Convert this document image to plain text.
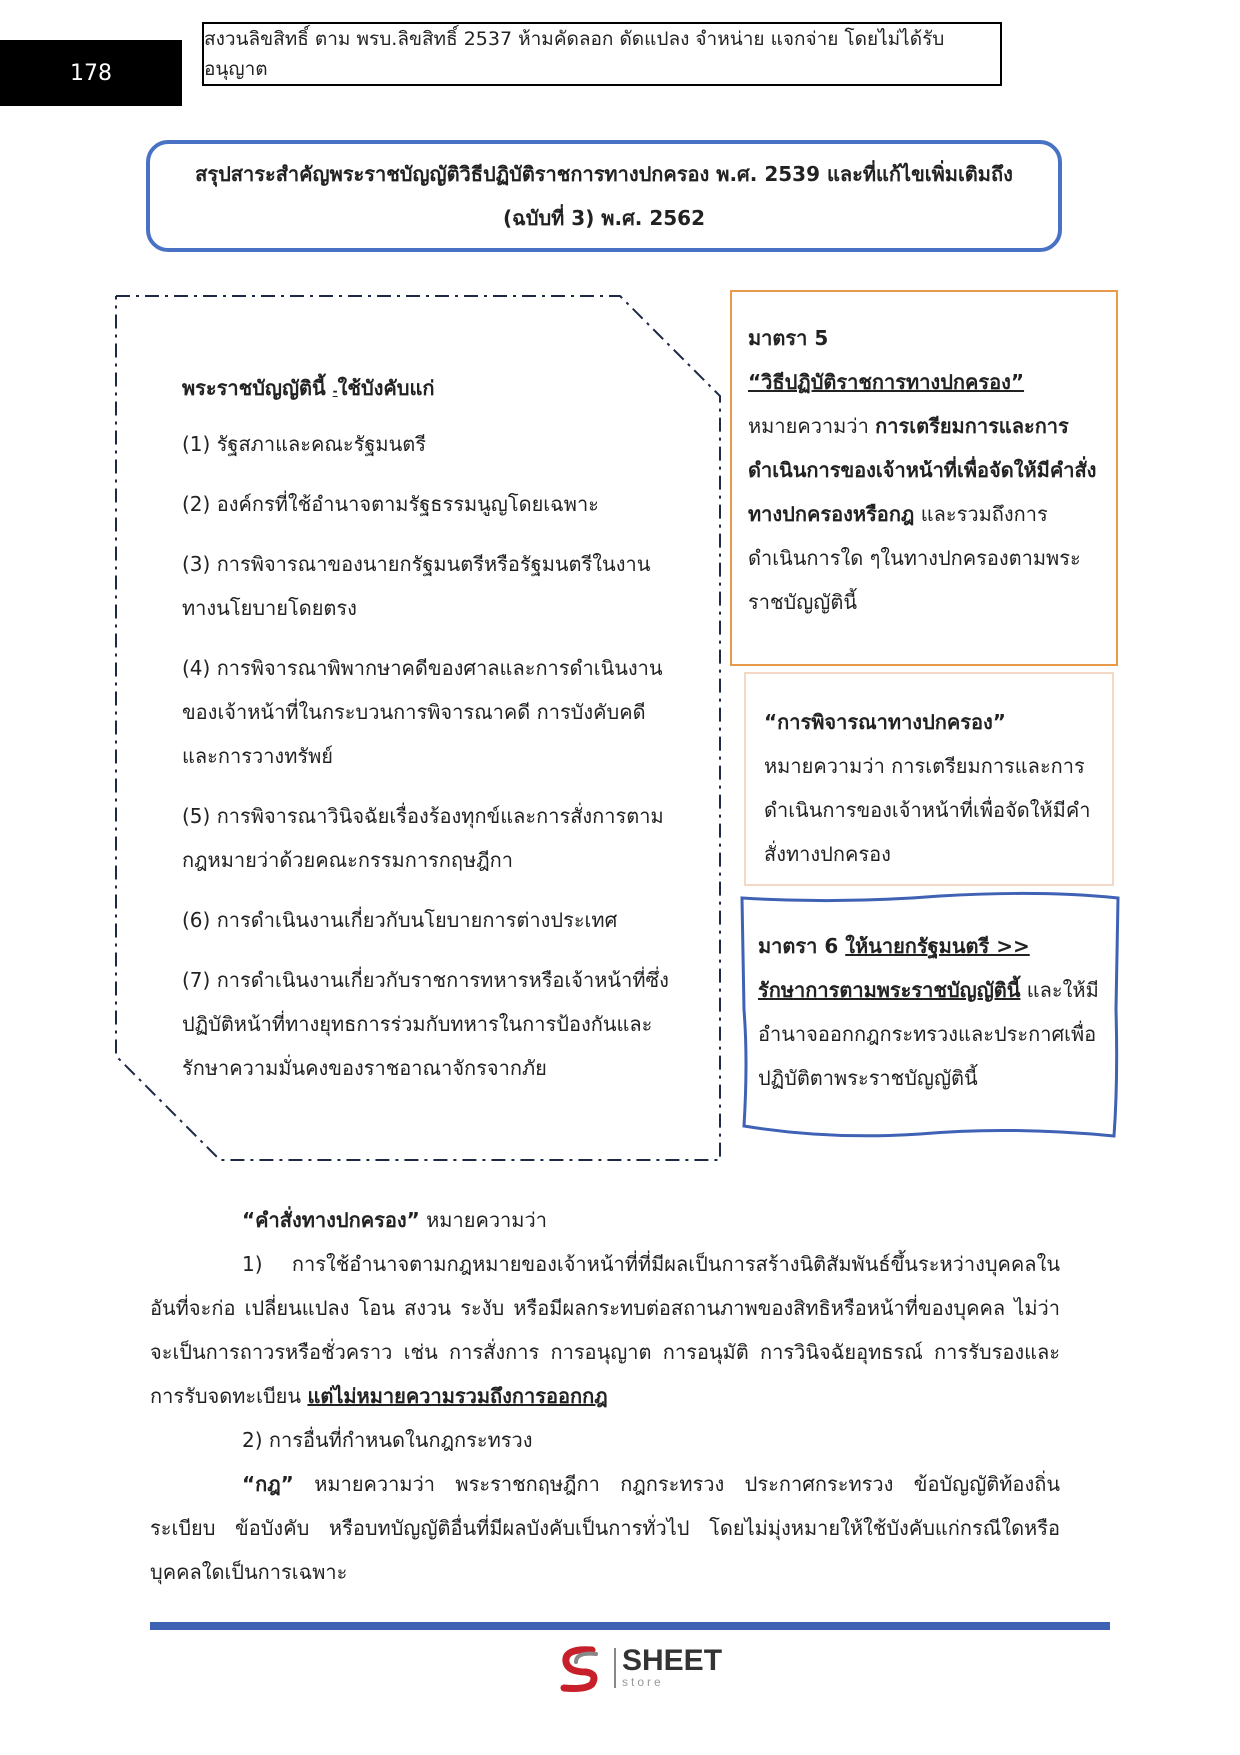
178
สงวนลิขสิทธิ์ ตาม พรบ.ลิขสิทธิ์ 2537 ห้ามคัดลอก ดัดแปลง จำหน่าย แจกจ่าย โดยไม่ได้รับอนุญาต
สรุปสาระสำคัญพระราชบัญญัติวิธีปฏิบัติราชการทางปกครอง พ.ศ. 2539 และที่แก้ไขเพิ่มเติมถึง
(ฉบับที่ 3) พ.ศ. 2562
พระราชบัญญัตินี้ -ใช้บังคับแก่
(1) รัฐสภาและคณะรัฐมนตรี
(2) องค์กรที่ใช้อำนาจตามรัฐธรรมนูญโดยเฉพาะ
(3) การพิจารณาของนายกรัฐมนตรีหรือรัฐมนตรีในงานทางนโยบายโดยตรง
(4) การพิจารณาพิพากษาคดีของศาลและการดำเนินงานของเจ้าหน้าที่ในกระบวนการพิจารณาคดี การบังคับคดี และการวางทรัพย์
(5) การพิจารณาวินิจฉัยเรื่องร้องทุกข์และการสั่งการตามกฎหมายว่าด้วยคณะกรรมการกฤษฎีกา
(6) การดำเนินงานเกี่ยวกับนโยบายการต่างประเทศ
(7) การดำเนินงานเกี่ยวกับราชการทหารหรือเจ้าหน้าที่ซึ่งปฏิบัติหน้าที่ทางยุทธการร่วมกับทหารในการป้องกันและรักษาความมั่นคงของราชอาณาจักรจากภัย
มาตรา 5
“วิธีปฏิบัติราชการทางปกครอง”
หมายความว่า การเตรียมการและการดำเนินการของเจ้าหน้าที่เพื่อจัดให้มีคำสั่งทางปกครองหรือกฎ และรวมถึงการดำเนินการใด ๆในทางปกครองตามพระราชบัญญัตินี้
“การพิจารณาทางปกครอง”
หมายความว่า การเตรียมการและการดำเนินการของเจ้าหน้าที่เพื่อจัดให้มีคำสั่งทางปกครอง
มาตรา 6 ให้นายกรัฐมนตรี >>
รักษาการตามพระราชบัญญัตินี้ และให้มีอำนาจออกกฎกระทรวงและประกาศเพื่อปฏิบัติตาพระราชบัญญัตินี้

“คำสั่งทางปกครอง” หมายความว่า

1) การใช้อำนาจตามกฎหมายของเจ้าหน้าที่ที่มีผลเป็นการสร้างนิติสัมพันธ์ขึ้นระหว่างบุคคลในอันที่จะก่อ เปลี่ยนแปลง โอน สงวน ระงับ หรือมีผลกระทบต่อสถานภาพของสิทธิหรือหน้าที่ของบุคคล ไม่ว่าจะเป็นการถาวรหรือชั่วคราว เช่น การสั่งการ การอนุญาต การอนุมัติ การวินิจฉัยอุทธรณ์ การรับรองและการรับจดทะเบียน แต่ไม่หมายความรวมถึงการออกกฎ

2) การอื่นที่กำหนดในกฎกระทรวง

“กฎ” หมายความว่า พระราชกฤษฎีกา กฎกระทรวง ประกาศกระทรวง ข้อบัญญัติท้องถิ่น ระเบียบ ข้อบังคับ หรือบทบัญญัติอื่นที่มีผลบังคับเป็นการทั่วไป โดยไม่มุ่งหมายให้ใช้บังคับแก่กรณีใดหรือบุคคลใดเป็นการเฉพาะ

SHEET
store
